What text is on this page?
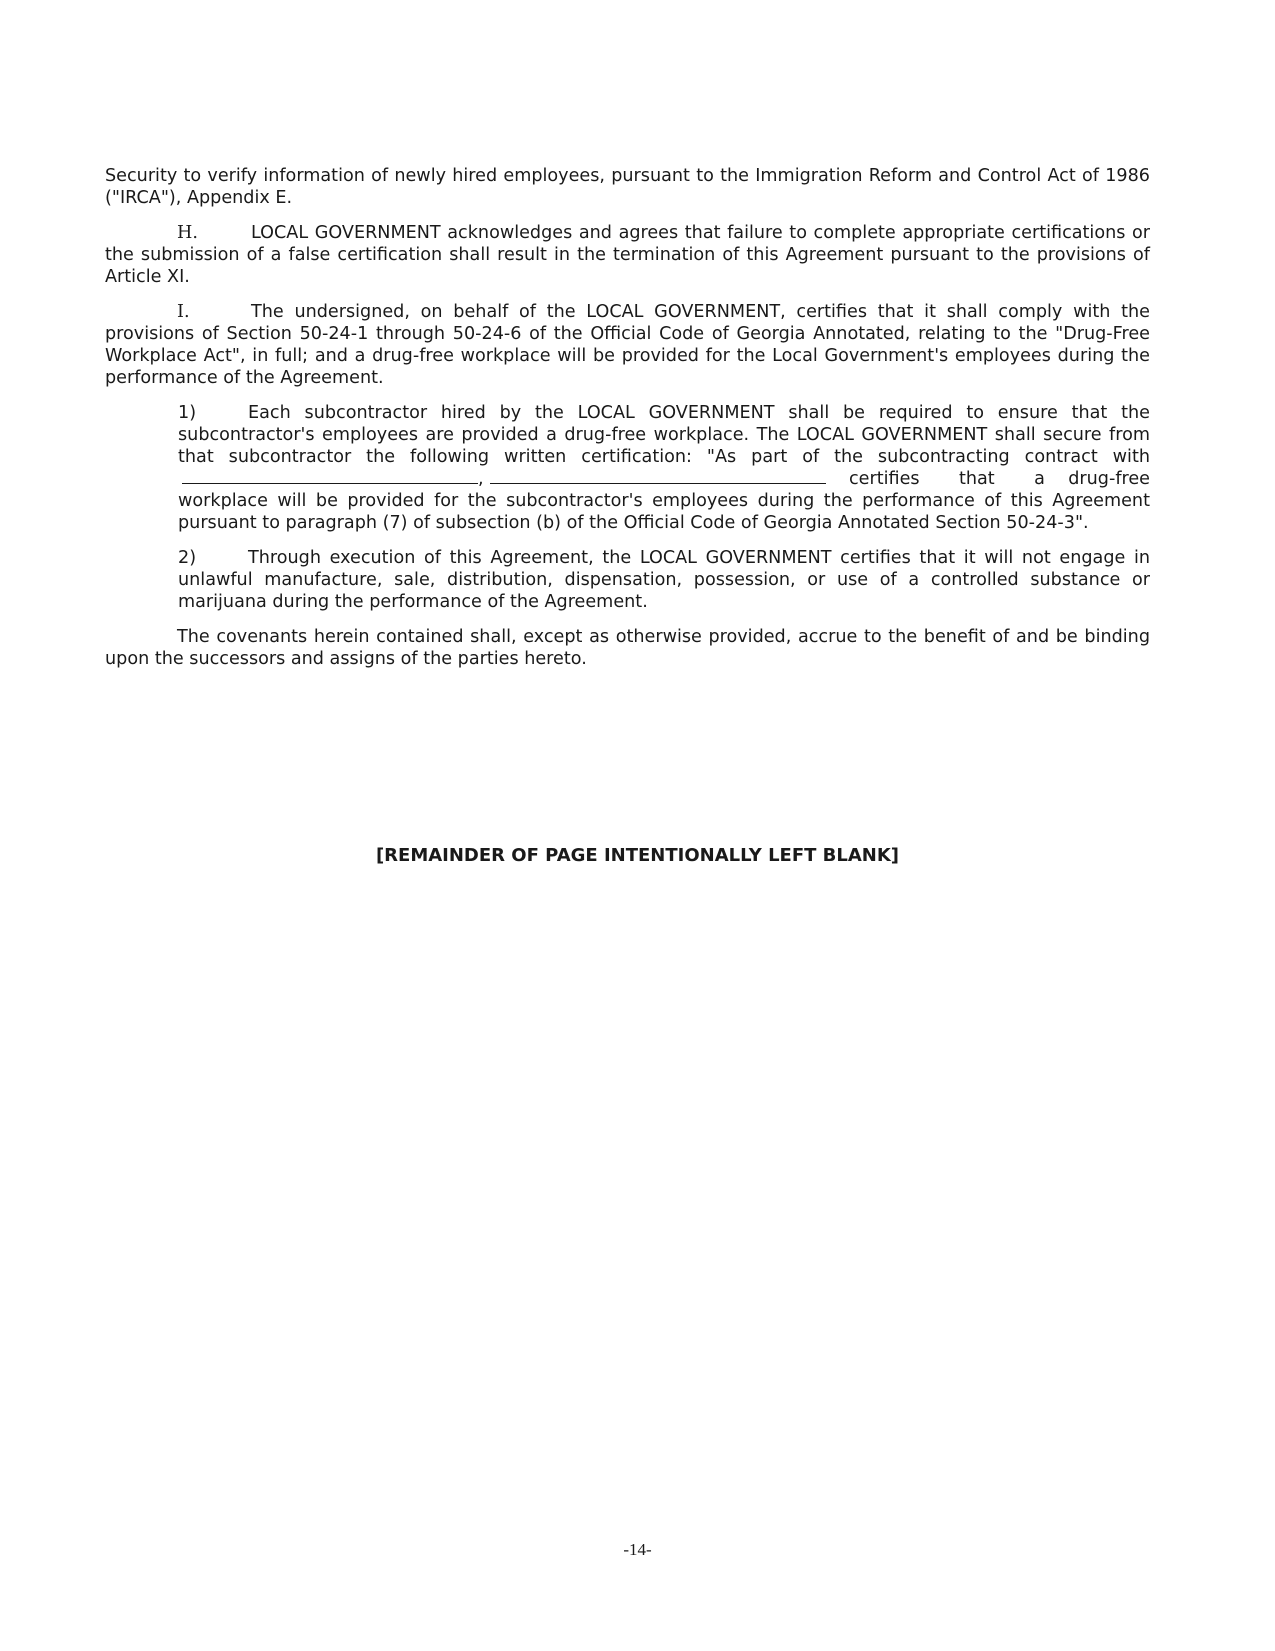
Security to verify information of newly hired employees, pursuant to the Immigration Reform and Control Act of 1986 ("IRCA"), Appendix E.

H.	LOCAL GOVERNMENT acknowledges and agrees that failure to complete appropriate certifications or the submission of a false certification shall result in the termination of this Agreement pursuant to the provisions of Article XI.

I.	The undersigned, on behalf of the LOCAL GOVERNMENT, certifies that it shall comply with the provisions of Section 50-24-1 through 50-24-6 of the Official Code of Georgia Annotated, relating to the "Drug-Free Workplace Act", in full; and a drug-free workplace will be provided for the Local Government's employees during the performance of the Agreement.

1)	Each subcontractor hired by the LOCAL GOVERNMENT shall be required to ensure that the subcontractor's employees are provided a drug-free workplace. The LOCAL GOVERNMENT shall secure from that subcontractor the following written certification: "As part of the subcontracting contract with,	certifies that a drug-free workplace will be provided for the subcontractor's employees during the performance of this Agreement pursuant to paragraph (7) of subsection (b) of the Official Code of Georgia Annotated Section 50-24-3".

2)	Through execution of this Agreement, the LOCAL GOVERNMENT certifies that it will not engage in unlawful manufacture, sale, distribution, dispensation, possession, or use of a controlled substance or marijuana during the performance of the Agreement.

The covenants herein contained shall, except as otherwise provided, accrue to the benefit of and be binding upon the successors and assigns of the parties hereto.

[REMAINDER OF PAGE INTENTIONALLY LEFT BLANK]
-14-
